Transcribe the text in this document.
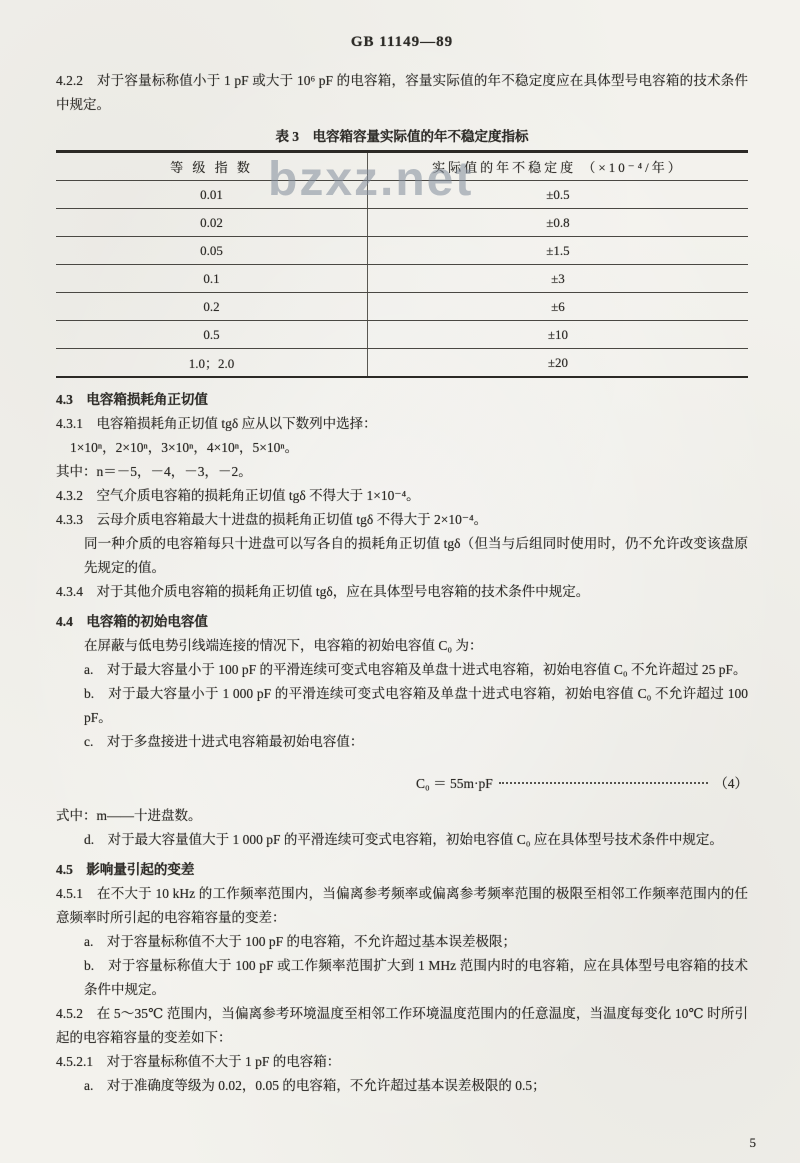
bzxz.net
GB 11149—89

4.2.2　对于容量标称值小于 1 pF 或大于 10⁶ pF 的电容箱，容量实际值的年不稳定度应在具体型号电容箱的技术条件中规定。

表 3　电容箱容量实际值的年不稳定度指标
等 级 指 数	实际值的年不稳定度 （×10⁻⁴/年）
0.01	±0.5
0.02	±0.8
0.05	±1.5
0.1	±3
0.2	±6
0.5	±10
1.0；2.0	±20

4.3　电容箱损耗角正切值

4.3.1　电容箱损耗角正切值 tgδ 应从以下数列中选择：

1×10ⁿ，2×10ⁿ，3×10ⁿ，4×10ⁿ，5×10ⁿ。

其中：n＝－5，－4，－3，－2。

4.3.2　空气介质电容箱的损耗角正切值 tgδ 不得大于 1×10⁻⁴。

4.3.3　云母介质电容箱最大十进盘的损耗角正切值 tgδ 不得大于 2×10⁻⁴。

同一种介质的电容箱每只十进盘可以写各自的损耗角正切值 tgδ（但当与后组同时使用时，仍不允许改变该盘原先规定的值。

4.3.4　对于其他介质电容箱的损耗角正切值 tgδ，应在具体型号电容箱的技术条件中规定。

4.4　电容箱的初始电容值

在屏蔽与低电势引线端连接的情况下，电容箱的初始电容值 C₀ 为：

a.　对于最大容量小于 100 pF 的平滑连续可变式电容箱及单盘十进式电容箱，初始电容值 C₀ 不允许超过 25 pF。

b.　对于最大容量小于 1 000 pF 的平滑连续可变式电容箱及单盘十进式电容箱，初始电容值 C₀ 不允许超过 100 pF。

c.　对于多盘接进十进式电容箱最初始电容值：

C₀ ＝ 55m·pF	（4）

式中：m——十进盘数。

d.　对于最大容量值大于 1 000 pF 的平滑连续可变式电容箱，初始电容值 C₀ 应在具体型号技术条件中规定。

4.5　影响量引起的变差

4.5.1　在不大于 10 kHz 的工作频率范围内，当偏离参考频率或偏离参考频率范围的极限至相邻工作频率范围内的任意频率时所引起的电容箱容量的变差：

a.　对于容量标称值不大于 100 pF 的电容箱，不允许超过基本误差极限；

b.　对于容量标称值大于 100 pF 或工作频率范围扩大到 1 MHz 范围内时的电容箱，应在具体型号电容箱的技术条件中规定。

4.5.2　在 5～35℃ 范围内，当偏离参考环境温度至相邻工作环境温度范围内的任意温度，当温度每变化 10℃ 时所引起的电容箱容量的变差如下：

4.5.2.1　对于容量标称值不大于 1 pF 的电容箱：

a.　对于准确度等级为 0.02，0.05 的电容箱，不允许超过基本误差极限的 0.5；

5
